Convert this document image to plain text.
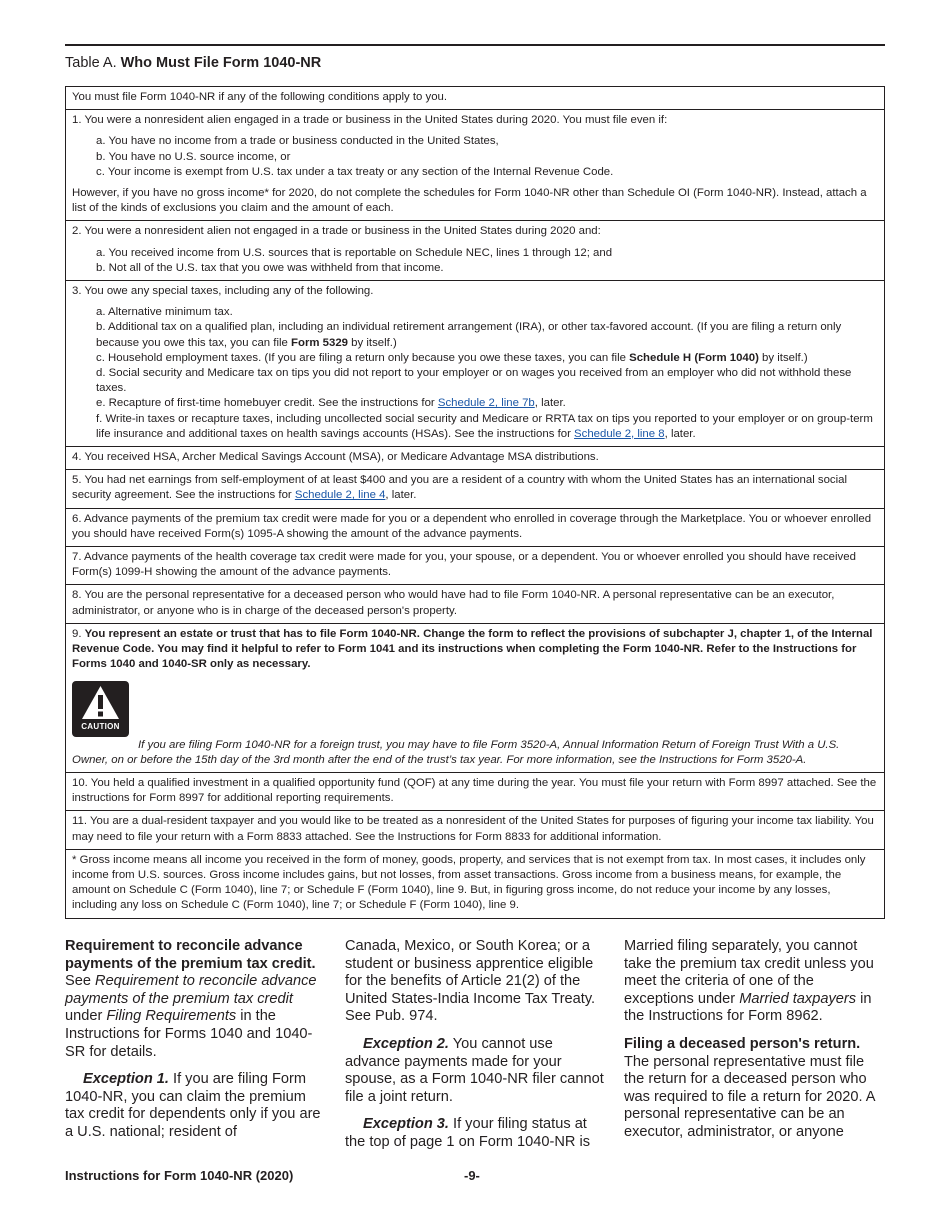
Table A. Who Must File Form 1040-NR

You must file Form 1040-NR if any of the following conditions apply to you.

1. You were a nonresident alien engaged in a trade or business in the United States during 2020. You must file even if:

a. You have no income from a trade or business conducted in the United States,
b. You have no U.S. source income, or
c. Your income is exempt from U.S. tax under a tax treaty or any section of the Internal Revenue Code.

However, if you have no gross income* for 2020, do not complete the schedules for Form 1040-NR other than Schedule OI (Form 1040-NR). Instead, attach a list of the kinds of exclusions you claim and the amount of each.

2. You were a nonresident alien not engaged in a trade or business in the United States during 2020 and:

a. You received income from U.S. sources that is reportable on Schedule NEC, lines 1 through 12; and
b. Not all of the U.S. tax that you owe was withheld from that income.

3. You owe any special taxes, including any of the following.

a. Alternative minimum tax.
b. Additional tax on a qualified plan, including an individual retirement arrangement (IRA), or other tax-favored account. (If you are filing a return only because you owe this tax, you can file Form 5329 by itself.)
c. Household employment taxes. (If you are filing a return only because you owe these taxes, you can file Schedule H (Form 1040) by itself.)
d. Social security and Medicare tax on tips you did not report to your employer or on wages you received from an employer who did not withhold these taxes.
e. Recapture of first-time homebuyer credit. See the instructions for Schedule 2, line 7b, later.
f. Write-in taxes or recapture taxes, including uncollected social security and Medicare or RRTA tax on tips you reported to your employer or on group-term life insurance and additional taxes on health savings accounts (HSAs). See the instructions for Schedule 2, line 8, later.

4. You received HSA, Archer Medical Savings Account (MSA), or Medicare Advantage MSA distributions.

5. You had net earnings from self-employment of at least $400 and you are a resident of a country with whom the United States has an international social security agreement. See the instructions for Schedule 2, line 4, later.

6. Advance payments of the premium tax credit were made for you or a dependent who enrolled in coverage through the Marketplace. You or whoever enrolled you should have received Form(s) 1095-A showing the amount of the advance payments.

7. Advance payments of the health coverage tax credit were made for you, your spouse, or a dependent. You or whoever enrolled you should have received Form(s) 1099-H showing the amount of the advance payments.

8. You are the personal representative for a deceased person who would have had to file Form 1040-NR. A personal representative can be an executor, administrator, or anyone who is in charge of the deceased person's property.

9. You represent an estate or trust that has to file Form 1040-NR. Change the form to reflect the provisions of subchapter J, chapter 1, of the Internal Revenue Code. You may find it helpful to refer to Form 1041 and its instructions when completing the Form 1040-NR. Refer to the Instructions for Forms 1040 and 1040-SR only as necessary.

CAUTION
If you are filing Form 1040-NR for a foreign trust, you may have to file Form 3520-A, Annual Information Return of Foreign Trust With a U.S. Owner, on or before the 15th day of the 3rd month after the end of the trust’s tax year. For more information, see the Instructions for Form 3520-A.

10. You held a qualified investment in a qualified opportunity fund (QOF) at any time during the year. You must file your return with Form 8997 attached. See the instructions for Form 8997 for additional reporting requirements.

11. You are a dual-resident taxpayer and you would like to be treated as a nonresident of the United States for purposes of figuring your income tax liability. You may need to file your return with a Form 8833 attached. See the Instructions for Form 8833 for additional information.

* Gross income means all income you received in the form of money, goods, property, and services that is not exempt from tax. In most cases, it includes only income from U.S. sources. Gross income includes gains, but not losses, from asset transactions. Gross income from a business means, for example, the amount on Schedule C (Form 1040), line 7; or Schedule F (Form 1040), line 9. But, in figuring gross income, do not reduce your income by any losses, including any loss on Schedule C (Form 1040), line 7; or Schedule F (Form 1040), line 9.

Requirement to reconcile advance payments of the premium tax credit. See Requirement to reconcile advance payments of the premium tax credit under Filing Requirements in the Instructions for Forms 1040 and 1040-SR for details.

Exception 1. If you are filing Form 1040-NR, you can claim the premium tax credit for dependents only if you are a U.S. national; resident of

Canada, Mexico, or South Korea; or a student or business apprentice eligible for the benefits of Article 21(2) of the United States-India Income Tax Treaty. See Pub. 974.

Exception 2. You cannot use advance payments made for your spouse, as a Form 1040-NR filer cannot file a joint return.

Exception 3. If your filing status at the top of page 1 on Form 1040-NR is

Married filing separately, you cannot take the premium tax credit unless you meet the criteria of one of the exceptions under Married taxpayers in the Instructions for Form 8962.

Filing a deceased person's return. The personal representative must file the return for a deceased person who was required to file a return for 2020. A personal representative can be an executor, administrator, or anyone

Instructions for Form 1040-NR (2020)	-9-
